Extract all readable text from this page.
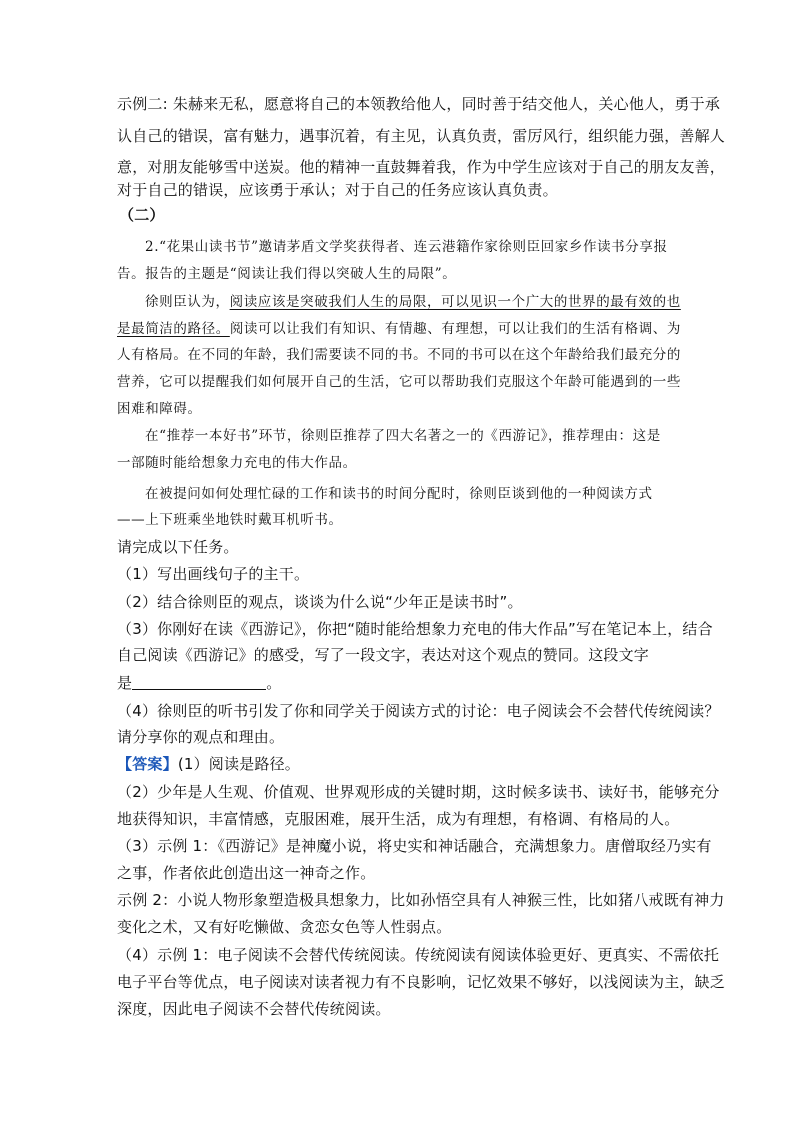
示例二: 朱赫来无私，愿意将自己的本领教给他人，同时善于结交他人，关心他人，勇于承
认自己的错误，富有魅力，遇事沉着，有主见，认真负责，雷厉风行，组织能力强，善解人
意，对朋友能够雪中送炭。他的精神一直鼓舞着我，作为中学生应该对于自己的朋友友善，
对于自己的错误，应该勇于承认；对于自己的任务应该认真负责。
（二）
2.“花果山读书节”邀请茅盾文学奖获得者、连云港籍作家徐则臣回家乡作读书分享报
告。报告的主题是“阅读让我们得以突破人生的局限”。
徐则臣认为，阅读应该是突破我们人生的局限，可以见识一个广大的世界的最有效的也
是最简洁的路径。阅读可以让我们有知识、有情趣、有理想，可以让我们的生活有格调、为
人有格局。在不同的年龄，我们需要读不同的书。不同的书可以在这个年龄给我们最充分的
营养，它可以提醒我们如何展开自己的生活，它可以帮助我们克服这个年龄可能遇到的一些
困难和障碍。
在“推荐一本好书”环节，徐则臣推荐了四大名著之一的《西游记》，推荐理由：这是
一部随时能给想象力充电的伟大作品。
在被提问如何处理忙碌的工作和读书的时间分配时，徐则臣谈到他的一种阅读方式
——上下班乘坐地铁时戴耳机听书。
请完成以下任务。
（1）写出画线句子的主干。
（2）结合徐则臣的观点，谈谈为什么说“少年正是读书时”。
（3）你刚好在读《西游记》，你把“随时能给想象力充电的伟大作品”写在笔记本上，结合
自己阅读《西游记》的感受，写了一段文字，表达对这个观点的赞同。这段文字
是	。
（4）徐则臣的听书引发了你和同学关于阅读方式的讨论：电子阅读会不会替代传统阅读？
请分享你的观点和理由。
【答案】(1）阅读是路径。
（2）少年是人生观、价值观、世界观形成的关键时期，这时候多读书、读好书，能够充分
地获得知识，丰富情感，克服困难，展开生活，成为有理想，有格调、有格局的人。
（3）示例 1：《西游记》是神魔小说，将史实和神话融合，充满想象力。唐僧取经乃实有
之事，作者依此创造出这一神奇之作。
示例 2：小说人物形象塑造极具想象力，比如孙悟空具有人神猴三性，比如猪八戒既有神力
变化之术，又有好吃懒做、贪恋女色等人性弱点。
（4）示例 1：电子阅读不会替代传统阅读。传统阅读有阅读体验更好、更真实、不需依托
电子平台等优点，电子阅读对读者视力有不良影响，记忆效果不够好，以浅阅读为主，缺乏
深度，因此电子阅读不会替代传统阅读。
